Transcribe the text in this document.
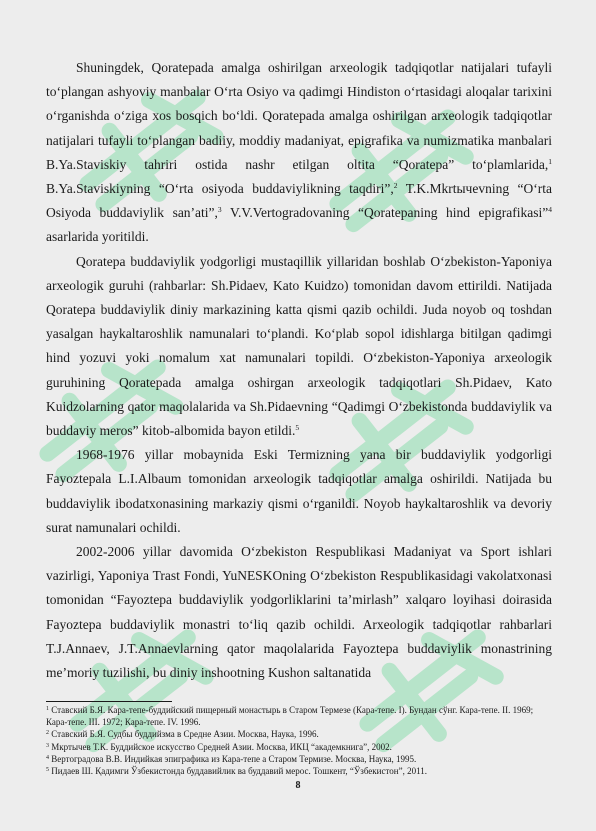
Shuningdek, Qoratepada amalga oshirilgan arxeologik tadqiqotlar natijalari tufayli to‘plangan ashyoviy manbalar O‘rta Osiyo va qadimgi Hindiston o‘rtasidagi aloqalar tarixini o‘rganishda o‘ziga xos bosqich bo‘ldi. Qoratepada amalga oshirilgan arxeologik tadqiqotlar natijalari tufayli to‘plangan badiiy, moddiy madaniyat, epigrafika va numizmatika manbalari B.Ya.Staviskiy tahriri ostida nashr etilgan oltita “Qoratepa” to‘plamlarida,$^1$ B.Ya.Staviskiyning “O‘rta osiyoda buddaviylikning taqdiri”,$^2$ T.K.Mkrtычevning “O‘rta Osiyoda buddaviylik san’ati”,$^3$ V.V.Vertogradovaning “Qoratepaning hind epigrafikasi”$^4$ asarlarida yoritildi.

Qoratepa buddaviylik yodgorligi mustaqillik yillaridan boshlab O‘zbekiston-Yaponiya arxeologik guruhi (rahbarlar: Sh.Pidaev, Kato Kuidzo) tomonidan davom ettirildi. Natijada Qoratepa buddaviylik diniy markazining katta qismi qazib ochildi. Juda noyob oq toshdan yasalgan haykaltaroshlik namunalari to‘plandi. Ko‘plab sopol idishlarga bitilgan qadimgi hind yozuvi yoki nomalum xat namunalari topildi. O‘zbekiston-Yaponiya arxeologik guruhining Qoratepada amalga oshirgan arxeologik tadqiqotlari Sh.Pidaev, Kato Kuidzolarning qator maqolalarida va Sh.Pidaevning “Qadimgi O‘zbekistonda buddaviylik va buddaviy meros” kitob-albomida bayon etildi.$^5$

1968-1976 yillar mobaynida Eski Termizning yana bir buddaviylik yodgorligi Fayoztepala L.I.Albaum tomonidan arxeologik tadqiqotlar amalga oshirildi. Natijada bu buddaviylik ibodatxonasining markaziy qismi o‘rganildi. Noyob haykaltaroshlik va devoriy surat namunalari ochildi.

2002-2006 yillar davomida O‘zbekiston Respublikasi Madaniyat va Sport ishlari vazirligi, Yaponiya Trast Fondi, YuNESKOning O‘zbekiston Respublikasidagi vakolatxonasi tomonidan “Fayoztepa buddaviylik yodgorliklarini ta’mirlash” xalqaro loyihasi doirasida Fayoztepa buddaviylik monastri to‘liq qazib ochildi. Arxeologik tadqiqotlar rahbarlari T.J.Annaev, J.T.Annaevlarning qator maqolalarida Fayoztepa buddaviylik monastrining me’moriy tuzilishi, bu diniy inshootning Kushon saltanatida

$^1$ Ставский Б.Я. Кара-тепе-буддийский пищерный монастырь в Старом Термезе (Кара-тепе. I). Бундан сўнг. Кара-тепе. II. 1969; Кара-тепе. III. 1972; Кара-тепе. IV. 1996.
$^2$ Ставский Б.Я. Судбы буддийзма в Средне Азии. Москва, Наука, 1996.
$^3$ Мкртычев Т.К. Буддийское искусство Средней Азии. Москва, ИКЦ “академкнига”, 2002.
$^4$ Вертоградова В.В. Индийкая эпиграфика из Кара-тепе а Старом Термизе. Москва, Наука, 1995.
$^5$ Пидаев Ш. Қадимги Ўзбекистонда буддавийлик ва буддавий мерос. Тошкент, “Ўзбекистон”, 2011.
8
